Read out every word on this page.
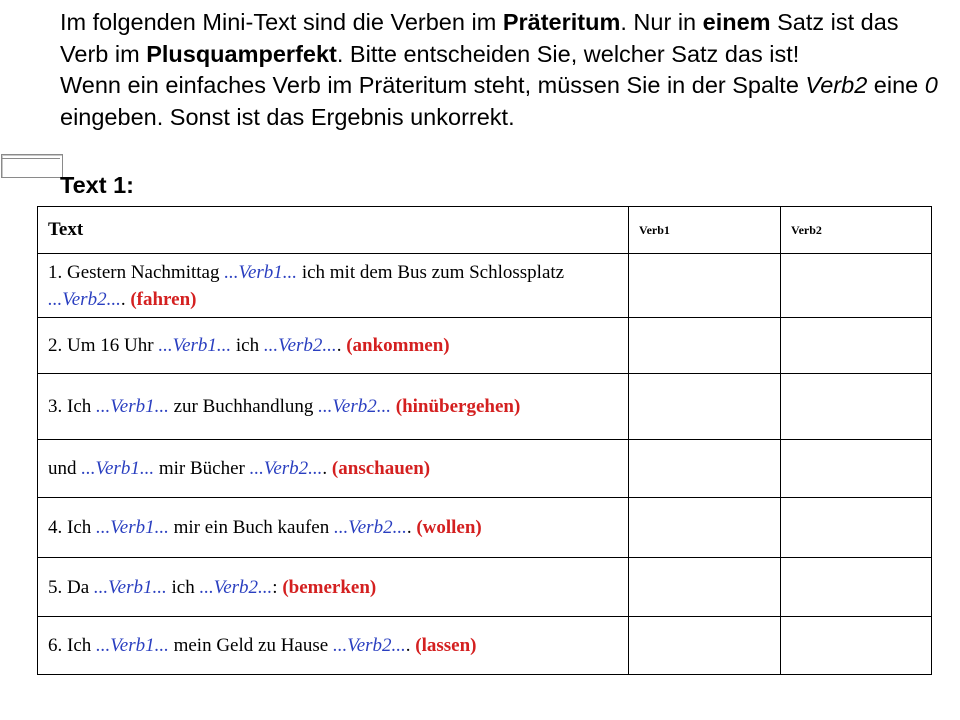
Im folgenden Mini-Text sind die Verben im Präteritum. Nur in einem Satz ist das Verb im Plusquamperfekt. Bitte entscheiden Sie, welcher Satz das ist!

Wenn ein einfaches Verb im Präteritum steht, müssen Sie in der Spalte Verb2 eine 0 eingeben. Sonst ist das Ergebnis unkorrekt.

Text 1:
Text	Verb1	Verb2
1. Gestern Nachmittag ...Verb1... ich mit dem Bus zum Schlossplatz ...Verb2.... (fahren)	

2. Um 16 Uhr ...Verb1... ich ...Verb2.... (ankommen)	

3. Ich ...Verb1... zur Buchhandlung ...Verb2... (hinübergehen)	

und ...Verb1... mir Bücher ...Verb2.... (anschauen)	

4. Ich ...Verb1... mir ein Buch kaufen ...Verb2.... (wollen)	

5. Da ...Verb1... ich ...Verb2...: (bemerken)	

6. Ich ...Verb1... mein Geld zu Hause ...Verb2.... (lassen)	
